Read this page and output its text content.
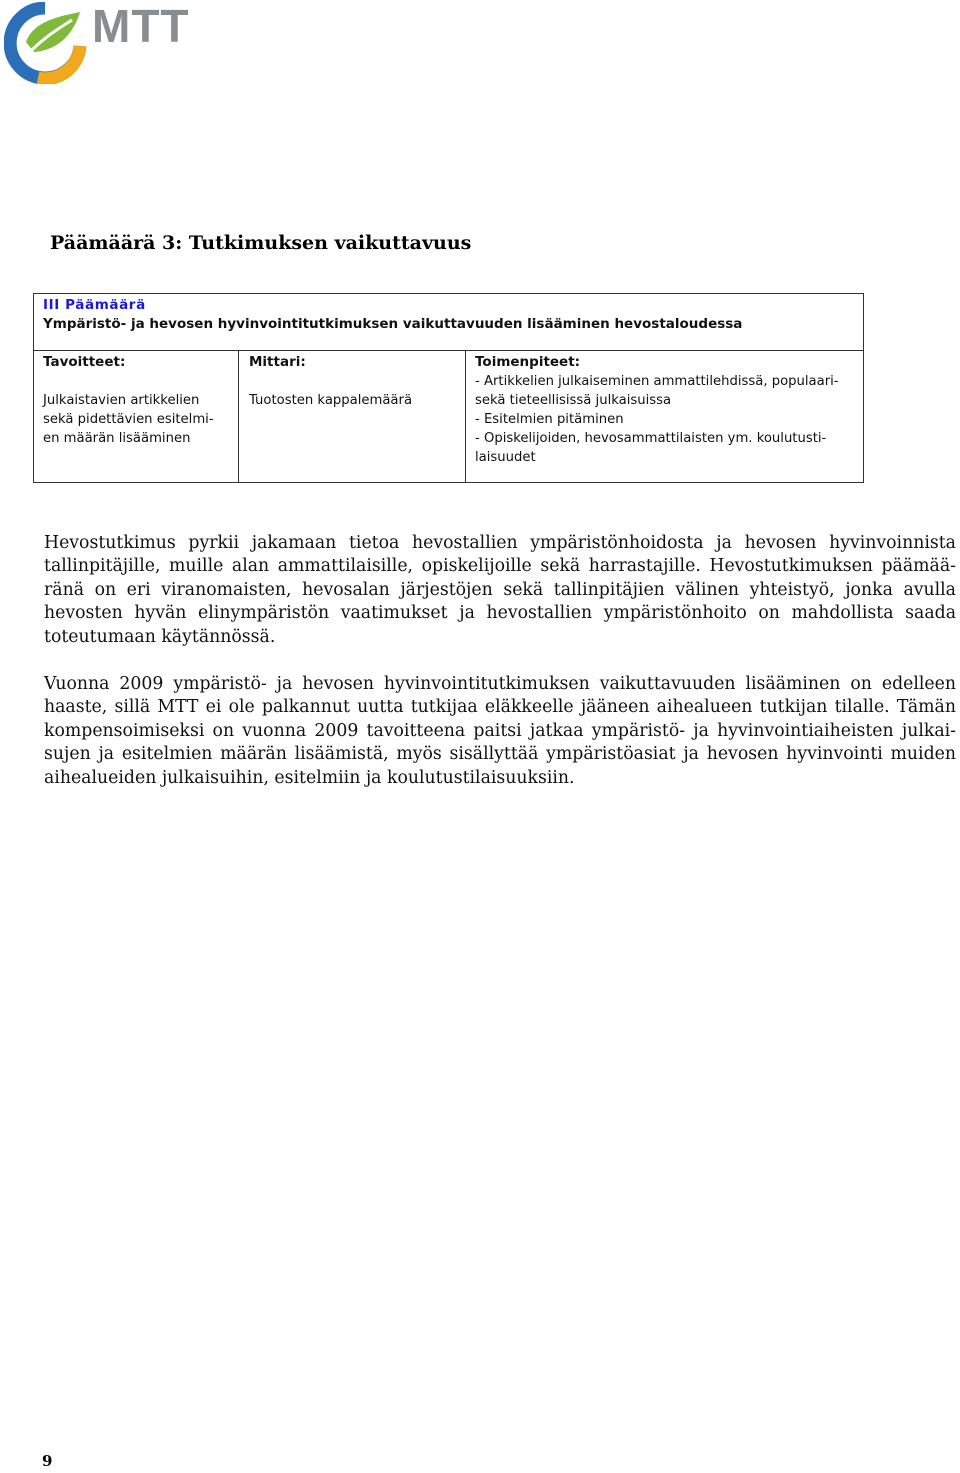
MTT
Päämäärä 3: Tutkimuksen vaikuttavuus
III Päämäärä
Ympäristö- ja hevosen hyvinvointitutkimuksen vaikuttavuuden lisääminen hevostaloudessa
Tavoitteet:
Julkaistavien artikkelien
sekä pidettävien esitelmi-
en määrän lisääminen
Mittari:
Tuotosten kappalemäärä
Toimenpiteet:
- Artikkelien julkaiseminen ammattilehdissä, populaari-
sekä tieteellisissä julkaisuissa
- Esitelmien pitäminen
- Opiskelijoiden, hevosammattilaisten ym. koulutusti-
laisuudet
Hevostutkimus pyrkii jakamaan tietoa hevostallien ympäristönhoidosta ja hevosen hyvinvoinnista
tallinpitäjille, muille alan ammattilaisille, opiskelijoille sekä harrastajille. Hevostutkimuksen päämää-
ränä on eri viranomaisten, hevosalan järjestöjen sekä tallinpitäjien välinen yhteistyö, jonka avulla
hevosten hyvän elinympäristön vaatimukset ja hevostallien ympäristönhoito on mahdollista saada
toteutumaan käytännössä.
Vuonna 2009 ympäristö- ja hevosen hyvinvointitutkimuksen vaikuttavuuden lisääminen on edelleen
haaste, sillä MTT ei ole palkannut uutta tutkijaa eläkkeelle jääneen aihealueen tutkijan tilalle. Tämän
kompensoimiseksi on vuonna 2009 tavoitteena paitsi jatkaa ympäristö- ja hyvinvointiaiheisten julkai-
sujen ja esitelmien määrän lisäämistä, myös sisällyttää ympäristöasiat ja hevosen hyvinvointi muiden
aihealueiden julkaisuihin, esitelmiin ja koulutustilaisuuksiin.
9
